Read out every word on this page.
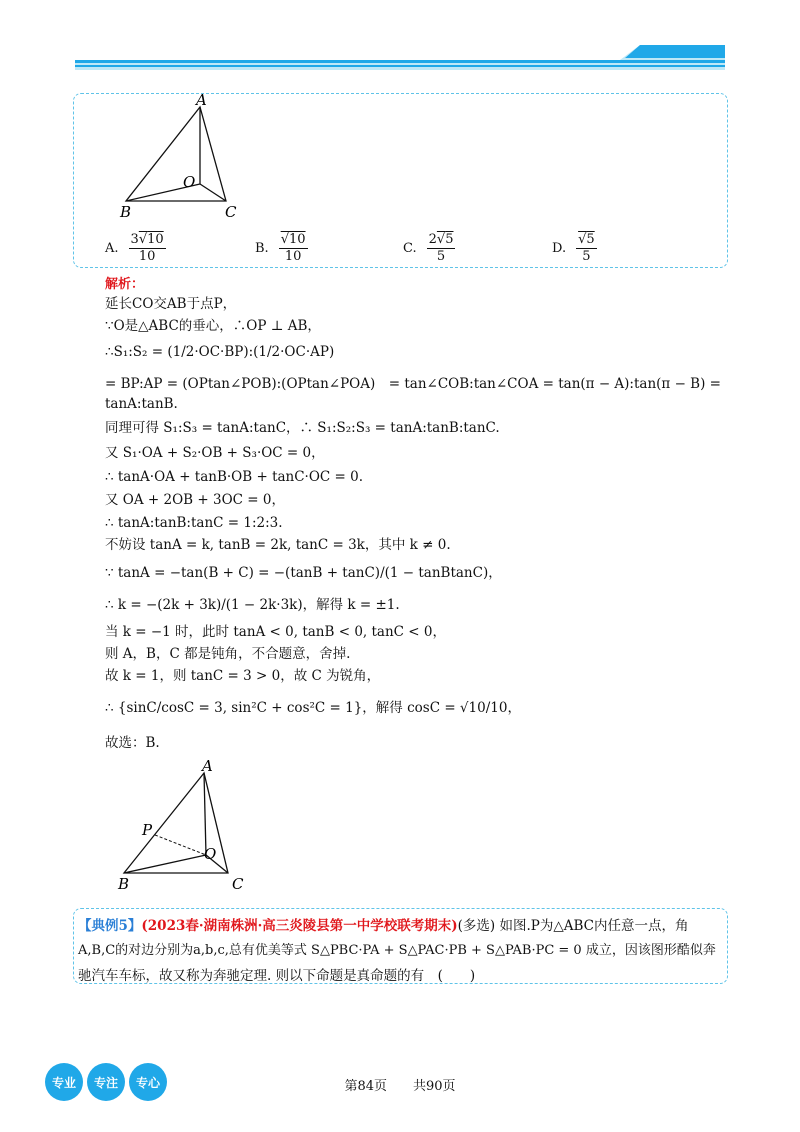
A
B	C
O
A. $\frac{3√10}{10}$	B. $\frac{√10}{10}$	C. $\frac{2√5}{5}$	D. $\frac{√5}{5}$
解析：
延长CO交AB于点P，
∵O是△ABC的垂心，∴OP ⊥ AB，
∴S₁:S₂ = (1/2·OC·BP):(1/2·OC·AP)
= BP:AP = (OPtan∠POB):(OPtan∠POA)　= tan∠COB:tan∠COA = tan(π − A):tan(π − B) =
tanA:tanB.
同理可得 S₁:S₃ = tanA:tanC，∴ S₁:S₂:S₃ = tanA:tanB:tanC.
又 S₁·OA + S₂·OB + S₃·OC = 0，
∴ tanA·OA + tanB·OB + tanC·OC = 0.
又 OA + 2OB + 3OC = 0，
∴ tanA:tanB:tanC = 1:2:3.
不妨设 tanA = k, tanB = 2k, tanC = 3k，其中 k ≠ 0.
∵ tanA = −tan(B + C) = −(tanB + tanC)/(1 − tanBtanC)，
∴ k = −(2k + 3k)/(1 − 2k·3k)，解得 k = ±1.
当 k = −1 时，此时 tanA < 0, tanB < 0, tanC < 0，
则 A，B，C 都是钝角，不合题意，舍掉.
故 k = 1，则 tanC = 3 > 0，故 C 为锐角，
∴ {sinC/cosC = 3, sin²C + cos²C = 1}，解得 cosC = √10/10，
故选：B.
A
B	C
O
P
【典例5】(2023春·湖南株洲·高三炎陵县第一中学校联考期末)(多选) 如图.P为△ABC内任意一点，角
A,B,C的对边分别为a,b,c,总有优美等式 S△PBC·PA + S△PAC·PB + S△PAB·PC = 0 成立，因该图形酷似奔
驰汽车车标，故又称为奔驰定理. 则以下命题是真命题的有　(　　)
专业	专注	专心	第84页　　共90页
